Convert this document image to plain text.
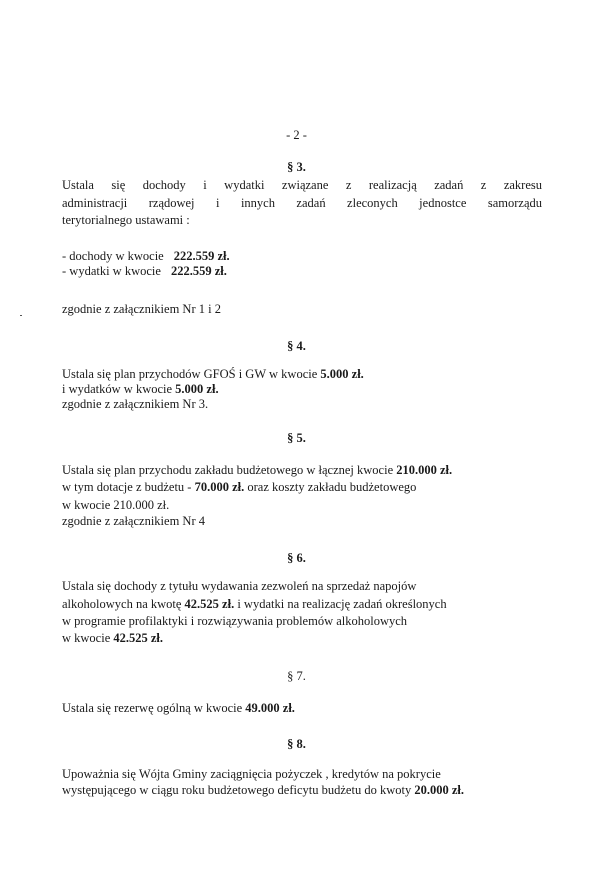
- 2 -
§ 3.
Ustala się dochody i wydatki związane z realizacją zadań z zakresu
administracji rządowej i innych zadań zleconych jednostce samorządu
terytorialnego ustawami :
- dochody w kwocie 222.559 zł.
- wydatki w kwocie 222.559 zł.
zgodnie z załącznikiem Nr 1 i 2
§ 4.
Ustala się plan przychodów GFOŚ i GW w kwocie 5.000 zł.
i wydatków w kwocie 5.000 zł.
zgodnie z załącznikiem Nr 3.
§ 5.
Ustala się plan przychodu zakładu budżetowego w łącznej kwocie 210.000 zł.
w tym dotacje z budżetu - 70.000 zł. oraz koszty zakładu budżetowego
w kwocie 210.000 zł.
zgodnie z załącznikiem Nr 4
§ 6.
Ustala się dochody z tytułu wydawania zezwoleń na sprzedaż napojów
alkoholowych na kwotę 42.525 zł. i wydatki na realizację zadań określonych
w programie profilaktyki i rozwiązywania problemów alkoholowych
w kwocie 42.525 zł.
§ 7.
Ustala się rezerwę ogólną w kwocie 49.000 zł.
§ 8.
Upoważnia się Wójta Gminy zaciągnięcia pożyczek , kredytów na pokrycie
występującego w ciągu roku budżetowego deficytu budżetu do kwoty 20.000 zł.
